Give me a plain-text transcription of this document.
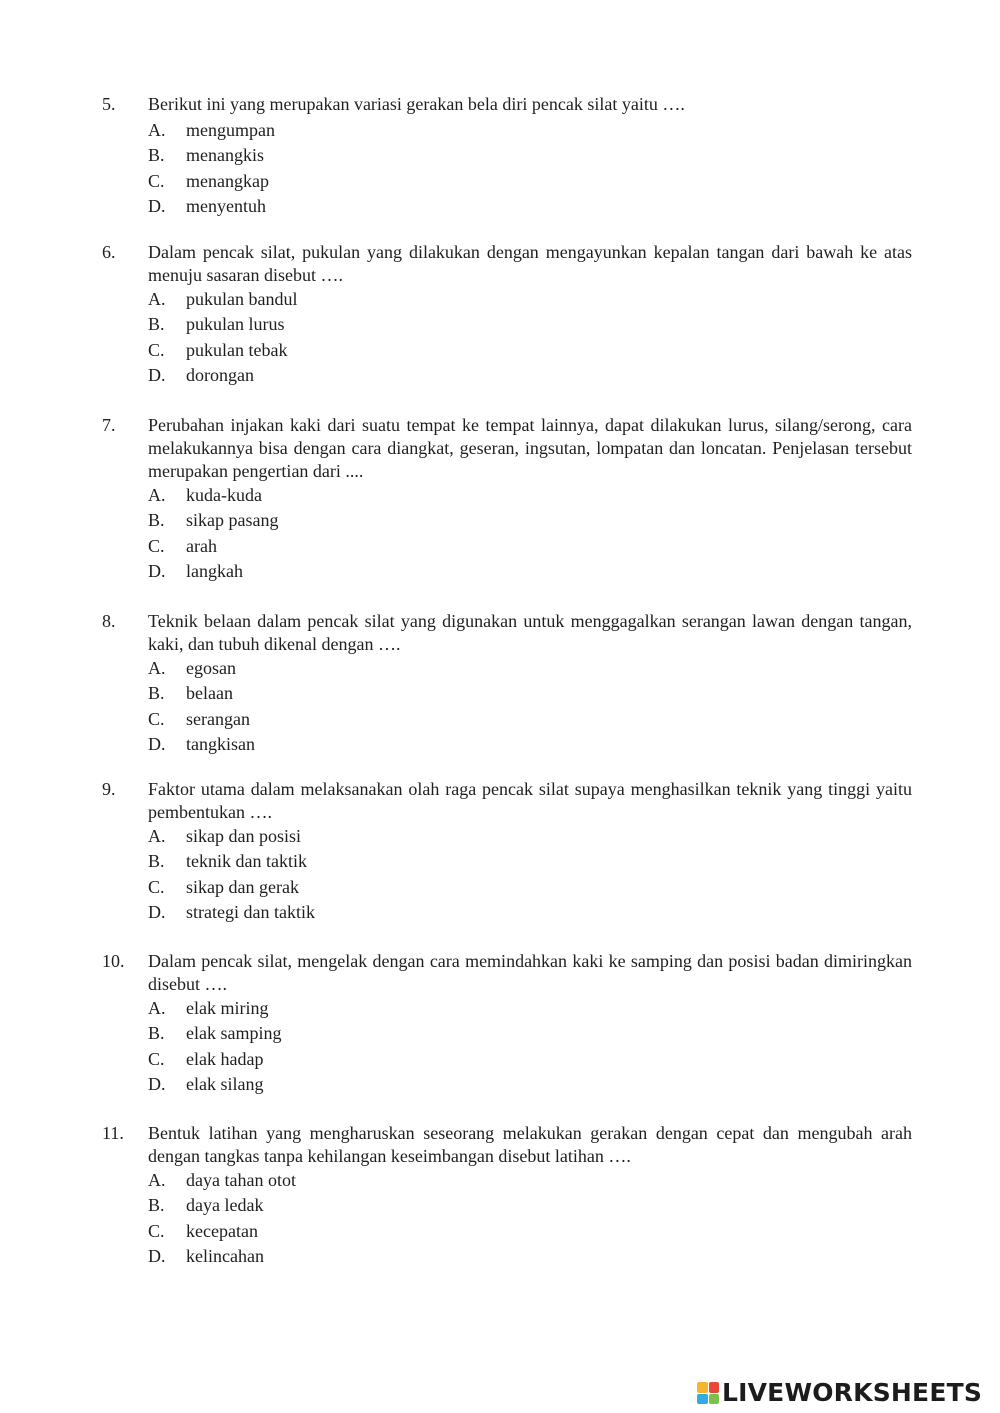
5. Berikut ini yang merupakan variasi gerakan bela diri pencak silat yaitu ….
A. mengumpan
B. menangkis
C. menangkap
D. menyentuh
6. Dalam pencak silat, pukulan yang dilakukan dengan mengayunkan kepalan tangan dari bawah ke atas menuju sasaran disebut ….
A. pukulan bandul
B. pukulan lurus
C. pukulan tebak
D. dorongan
7. Perubahan injakan kaki dari suatu tempat ke tempat lainnya, dapat dilakukan lurus, silang/serong, cara melakukannya bisa dengan cara diangkat, geseran, ingsutan, lompatan dan loncatan. Penjelasan tersebut merupakan pengertian dari ....
A. kuda-kuda
B. sikap pasang
C. arah
D. langkah
8. Teknik belaan dalam pencak silat yang digunakan untuk menggagalkan serangan lawan dengan tangan, kaki, dan tubuh dikenal dengan ….
A. egosan
B. belaan
C. serangan
D. tangkisan
9. Faktor utama dalam melaksanakan olah raga pencak silat supaya menghasilkan teknik yang tinggi yaitu pembentukan ….
A. sikap dan posisi
B. teknik dan taktik
C. sikap dan gerak
D. strategi dan taktik
10. Dalam pencak silat, mengelak dengan cara memindahkan kaki ke samping dan posisi badan dimiringkan disebut ….
A. elak miring
B. elak samping
C. elak hadap
D. elak silang
11. Bentuk latihan yang mengharuskan seseorang melakukan gerakan dengan cepat dan mengubah arah dengan tangkas tanpa kehilangan keseimbangan disebut latihan ….
A. daya tahan otot
B. daya ledak
C. kecepatan
D. kelincahan
LIVEWORKSHEETS
